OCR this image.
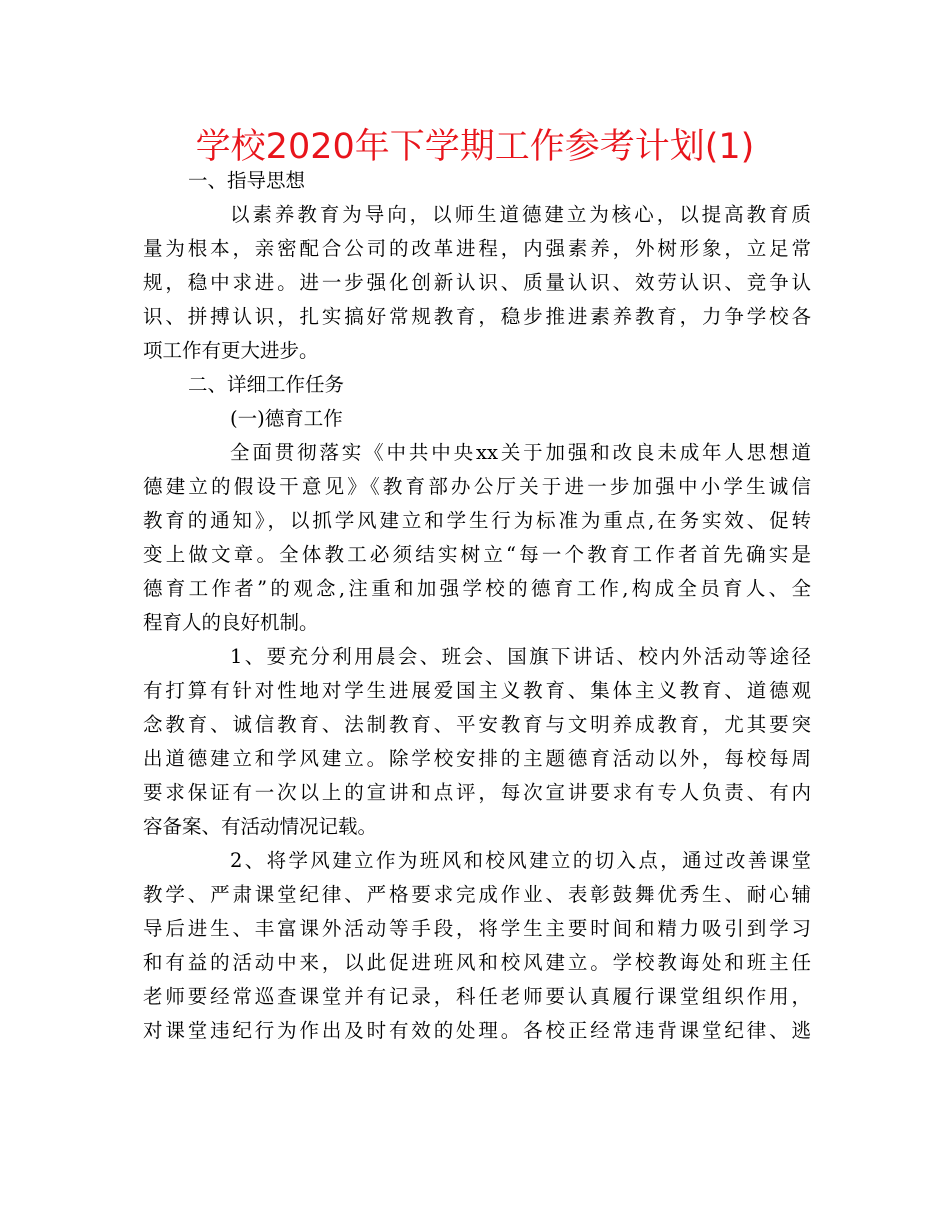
学校2020年下学期工作参考计划(1)
一、指导思想
以素养教育为导向，以师生道德建立为核心，以提高教育质
量为根本，亲密配合公司的改革进程，内强素养，外树形象，立足常
规，稳中求进。进一步强化创新认识、质量认识、效劳认识、竞争认
识、拼搏认识，扎实搞好常规教育，稳步推进素养教育，力争学校各
项工作有更大进步。
二、详细工作任务
(一)德育工作
全面贯彻落实《中共中央xx关于加强和改良未成年人思想道
德建立的假设干意见》《教育部办公厅关于进一步加强中小学生诚信
教育的通知》，以抓学风建立和学生行为标准为重点,在务实效、促转
变上做文章。全体教工必须结实树立“每一个教育工作者首先确实是
德育工作者”的观念,注重和加强学校的德育工作,构成全员育人、全
程育人的良好机制。
1、要充分利用晨会、班会、国旗下讲话、校内外活动等途径
有打算有针对性地对学生进展爱国主义教育、集体主义教育、道德观
念教育、诚信教育、法制教育、平安教育与文明养成教育，尤其要突
出道德建立和学风建立。除学校安排的主题德育活动以外，每校每周
要求保证有一次以上的宣讲和点评，每次宣讲要求有专人负责、有内
容备案、有活动情况记载。
2、将学风建立作为班风和校风建立的切入点，通过改善课堂
教学、严肃课堂纪律、严格要求完成作业、表彰鼓舞优秀生、耐心辅
导后进生、丰富课外活动等手段，将学生主要时间和精力吸引到学习
和有益的活动中来，以此促进班风和校风建立。学校教诲处和班主任
老师要经常巡查课堂并有记录，科任老师要认真履行课堂组织作用，
对课堂违纪行为作出及时有效的处理。各校正经常违背课堂纪律、逃
